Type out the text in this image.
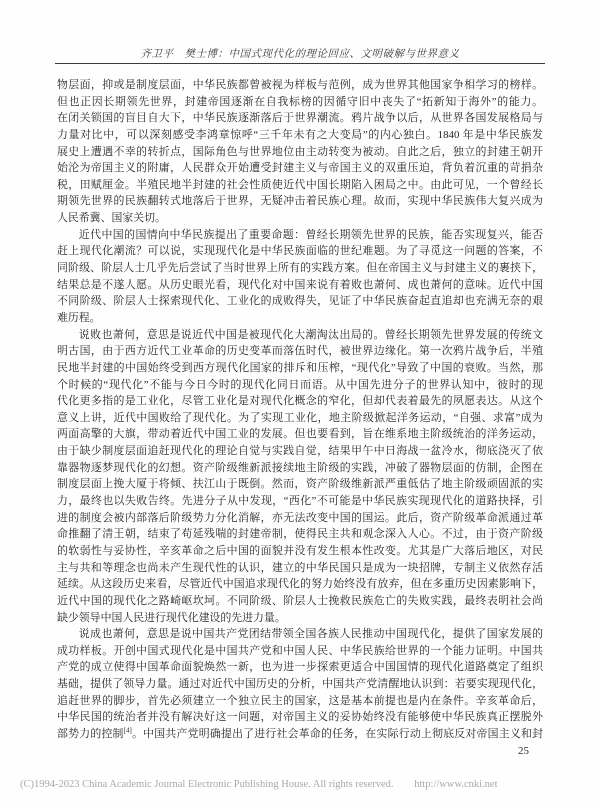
齐卫平　樊士博：中国式现代化的理论回应、文明破解与世界意义
物层面，抑或是制度层面，中华民族都曾被视为样板与范例，成为世界其他国家争相学习的榜样。
但也正因长期领先世界，封建帝国逐渐在自我标榜的因循守旧中丧失了“拓新知于海外”的能力。
在闭关锁国的盲目自大下，中华民族逐渐落后于世界潮流。鸦片战争以后，从世界各国发展格局与
力量对比中，可以深刻感受李鸿章惊呼“三千年未有之大变局”的内心独白。1840 年是中华民族发
展史上遭遇不幸的转折点，国际角色与世界地位由主动转变为被动。自此之后，独立的封建王朝开
始沦为帝国主义的附庸，人民群众开始遭受封建主义与帝国主义的双重压迫，背负着沉重的苛捐杂
税，田赋厘金。半殖民地半封建的社会性质使近代中国长期陷入困局之中。由此可见，一个曾经长
期领先世界的民族翻转式地落后于世界，无疑冲击着民族心理。故而，实现中华民族伟大复兴成为
人民希冀、国家关切。
近代中国的国情向中华民族提出了重要命题：曾经长期领先世界的民族，能否实现复兴，能否
赶上现代化潮流？可以说，实现现代化是中华民族面临的世纪难题。为了寻觅这一问题的答案，不
同阶级、阶层人士几乎先后尝试了当时世界上所有的实践方案。但在帝国主义与封建主义的裹挟下，
结果总是不遂人愿。从历史眼光看，现代化对中国来说有着败也萧何、成也萧何的意味。近代中国
不同阶级、阶层人士探索现代化、工业化的成败得失，见证了中华民族奋起直追却也充满无奈的艰
难历程。
说败也萧何，意思是说近代中国是被现代化大潮淘汰出局的。曾经长期领先世界发展的传统文
明古国，由于西方近代工业革命的历史变革而落伍时代，被世界边缘化。第一次鸦片战争后，半殖
民地半封建的中国始终受到西方现代化国家的排斥和压榨，“现代化”导致了中国的衰败。当然，那
个时候的“现代化”不能与今日今时的现代化同日而语。从中国先进分子的世界认知中，彼时的现
代化更多指的是工业化，尽管工业化是对现代化概念的窄化，但却代表着最先的夙愿表达。从这个
意义上讲，近代中国败给了现代化。为了实现工业化，地主阶级掀起洋务运动，“自强、求富”成为
两面高擎的大旗，带动着近代中国工业的发展。但也要看到，旨在维系地主阶级统治的洋务运动，
由于缺少制度层面追赶现代化的理论自觉与实践自觉，结果甲午中日海战一盆冷水，彻底浇灭了依
靠器物逐梦现代化的幻想。资产阶级维新派接续地主阶级的实践，冲破了器物层面的仿制，企图在
制度层面上挽大厦于将倾、扶江山于既倒。然而，资产阶级维新派严重低估了地主阶级顽固派的实
力，最终也以失败告终。先进分子从中发现，“西化”不可能是中华民族实现现代化的道路抉择，引
进的制度会被内部落后阶级势力分化消解，亦无法改变中国的国运。此后，资产阶级革命派通过革
命推翻了清王朝，结束了苟延残喘的封建帝制，使得民主共和观念深入人心。不过，由于资产阶级
的软弱性与妥协性，辛亥革命之后中国的面貌并没有发生根本性改变。尤其是广大落后地区，对民
主与共和等理念也尚未产生现代性的认识，建立的中华民国只是成为一块招牌，专制主义依然存活
延续。从这段历史来看，尽管近代中国追求现代化的努力始终没有放弃，但在多重历史因素影响下，
近代中国的现代化之路崎岖坎坷。不同阶级、阶层人士挽救民族危亡的失败实践，最终表明社会尚
缺少领导中国人民进行现代化建设的先进力量。
说成也萧何，意思是说中国共产党团结带领全国各族人民推动中国现代化，提供了国家发展的
成功样板。开创中国式现代化是中国共产党和中国人民、中华民族给世界的一个能力证明。中国共
产党的成立使得中国革命面貌焕然一新，也为进一步探索更适合中国国情的现代化道路奠定了组织
基础，提供了领导力量。通过对近代中国历史的分析，中国共产党清醒地认识到：若要实现现代化，
追赶世界的脚步，首先必须建立一个独立民主的国家，这是基本前提也是内在条件。辛亥革命后，
中华民国的统治者并没有解决好这一问题，对帝国主义的妥协始终没有能够使中华民族真正摆脱外
部势力的控制[4]。中国共产党明确提出了进行社会革命的任务，在实际行动上彻底反对帝国主义和封
25
(C)1994-2023 China Academic Journal Electronic Publishing House. All rights reserved. http://www.cnki.net
